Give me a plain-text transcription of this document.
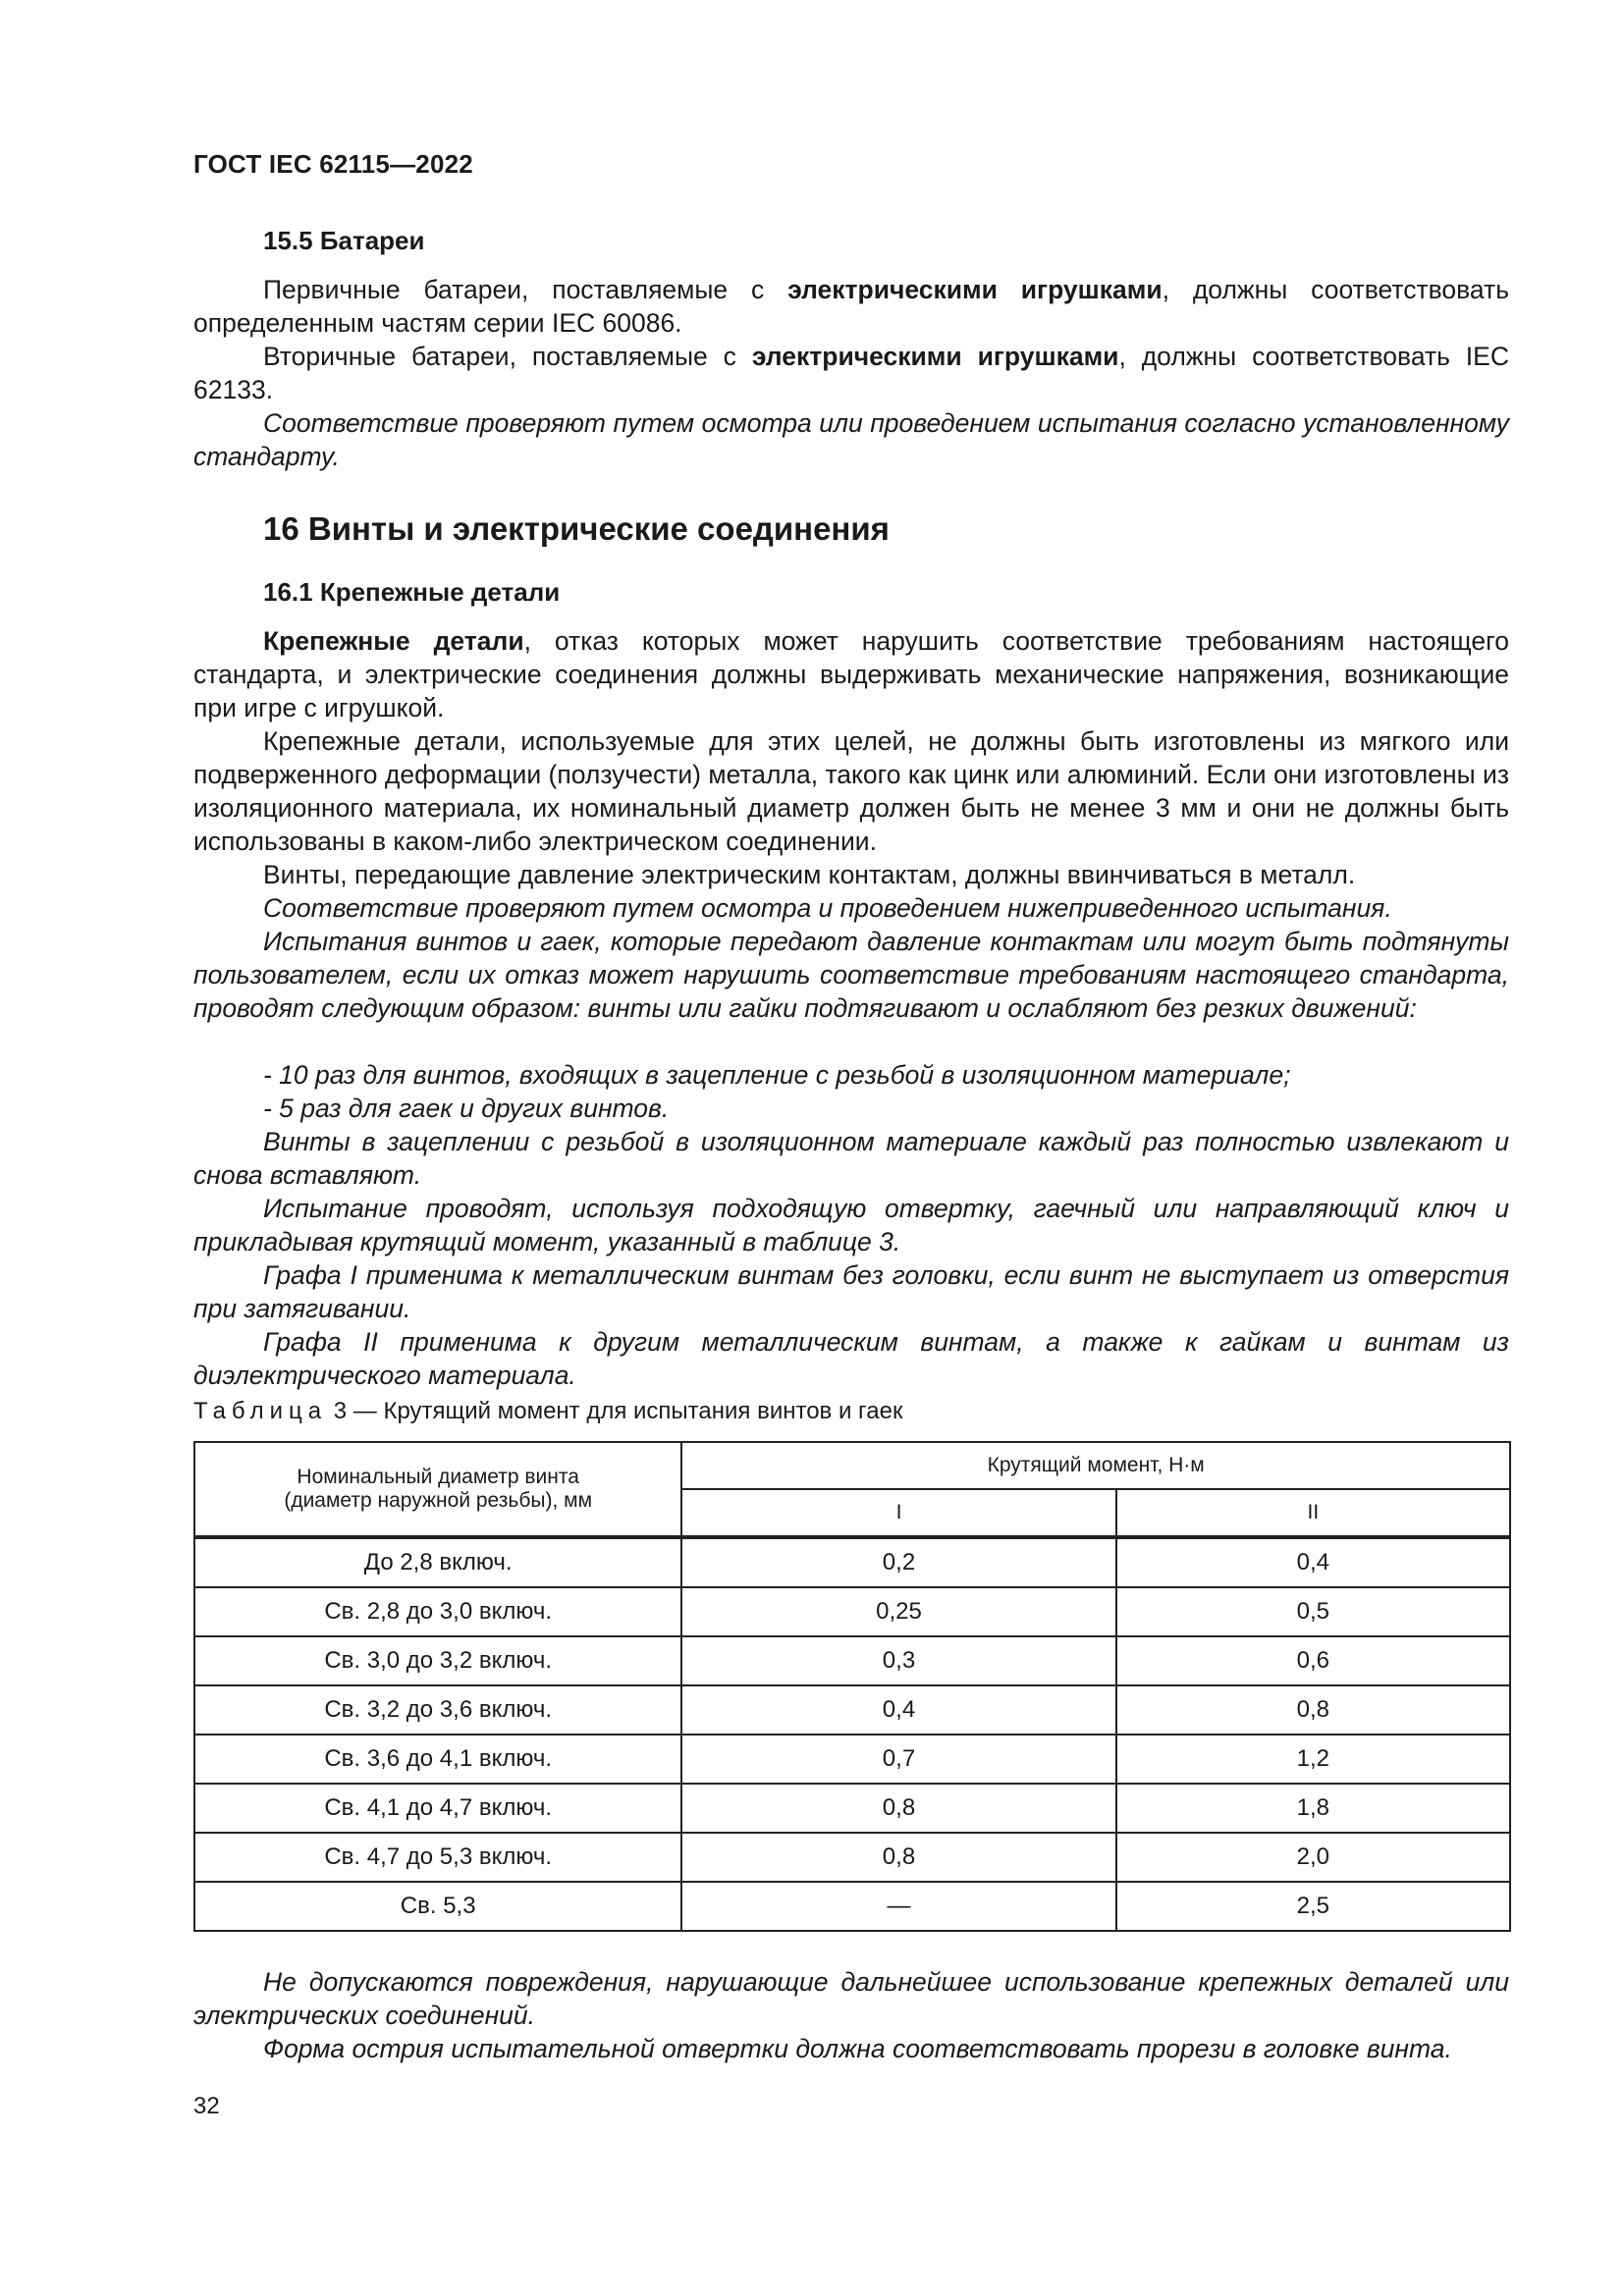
ГОСТ IEC 62115—2022
15.5 Батареи

Первичные батареи, поставляемые с электрическими игрушками, должны соответствовать определенным частям серии IEC 60086.

Вторичные батареи, поставляемые с электрическими игрушками, должны соответствовать IEC 62133.

Соответствие проверяют путем осмотра или проведением испытания согласно установленному стандарту.

16 Винты и электрические соединения
16.1 Крепежные детали

Крепежные детали, отказ которых может нарушить соответствие требованиям настоящего стандарта, и электрические соединения должны выдерживать механические напряжения, возникающие при игре с игрушкой.

Крепежные детали, используемые для этих целей, не должны быть изготовлены из мягкого или подверженного деформации (ползучести) металла, такого как цинк или алюминий. Если они изготовлены из изоляционного материала, их номинальный диаметр должен быть не менее 3 мм и они не должны быть использованы в каком-либо электрическом соединении.

Винты, передающие давление электрическим контактам, должны ввинчиваться в металл.

Соответствие проверяют путем осмотра и проведением нижеприведенного испытания.

Испытания винтов и гаек, которые передают давление контактам или могут быть подтянуты пользователем, если их отказ может нарушить соответствие требованиям настоящего стандарта, проводят следующим образом: винты или гайки подтягивают и ослабляют без резких движений:

- 10 раз для винтов, входящих в зацепление с резьбой в изоляционном материале;

- 5 раз для гаек и других винтов.

Винты в зацеплении с резьбой в изоляционном материале каждый раз полностью извлекают и снова вставляют.

Испытание проводят, используя подходящую отвертку, гаечный или направляющий ключ и прикладывая крутящий момент, указанный в таблице 3.

Графа I применима к металлическим винтам без головки, если винт не выступает из отверстия при затягивании.

Графа II применима к другим металлическим винтам, а также к гайкам и винтам из диэлектрического материала.

Таблица 3 — Крутящий момент для испытания винтов и гаек
Номинальный диаметр винта
(диаметр наружной резьбы), мм	Крутящий момент, Н·м	
	I	II
До 2,8 включ.	0,2	0,4
Св. 2,8 до 3,0 включ.	0,25	0,5
Св. 3,0 до 3,2 включ.	0,3	0,6
Св. 3,2 до 3,6 включ.	0,4	0,8
Св. 3,6 до 4,1 включ.	0,7	1,2
Св. 4,1 до 4,7 включ.	0,8	1,8
Св. 4,7 до 5,3 включ.	0,8	2,0
Св. 5,3	—	2,5

Не допускаются повреждения, нарушающие дальнейшее использование крепежных деталей или электрических соединений.

Форма острия испытательной отвертки должна соответствовать прорези в головке винта.

32
